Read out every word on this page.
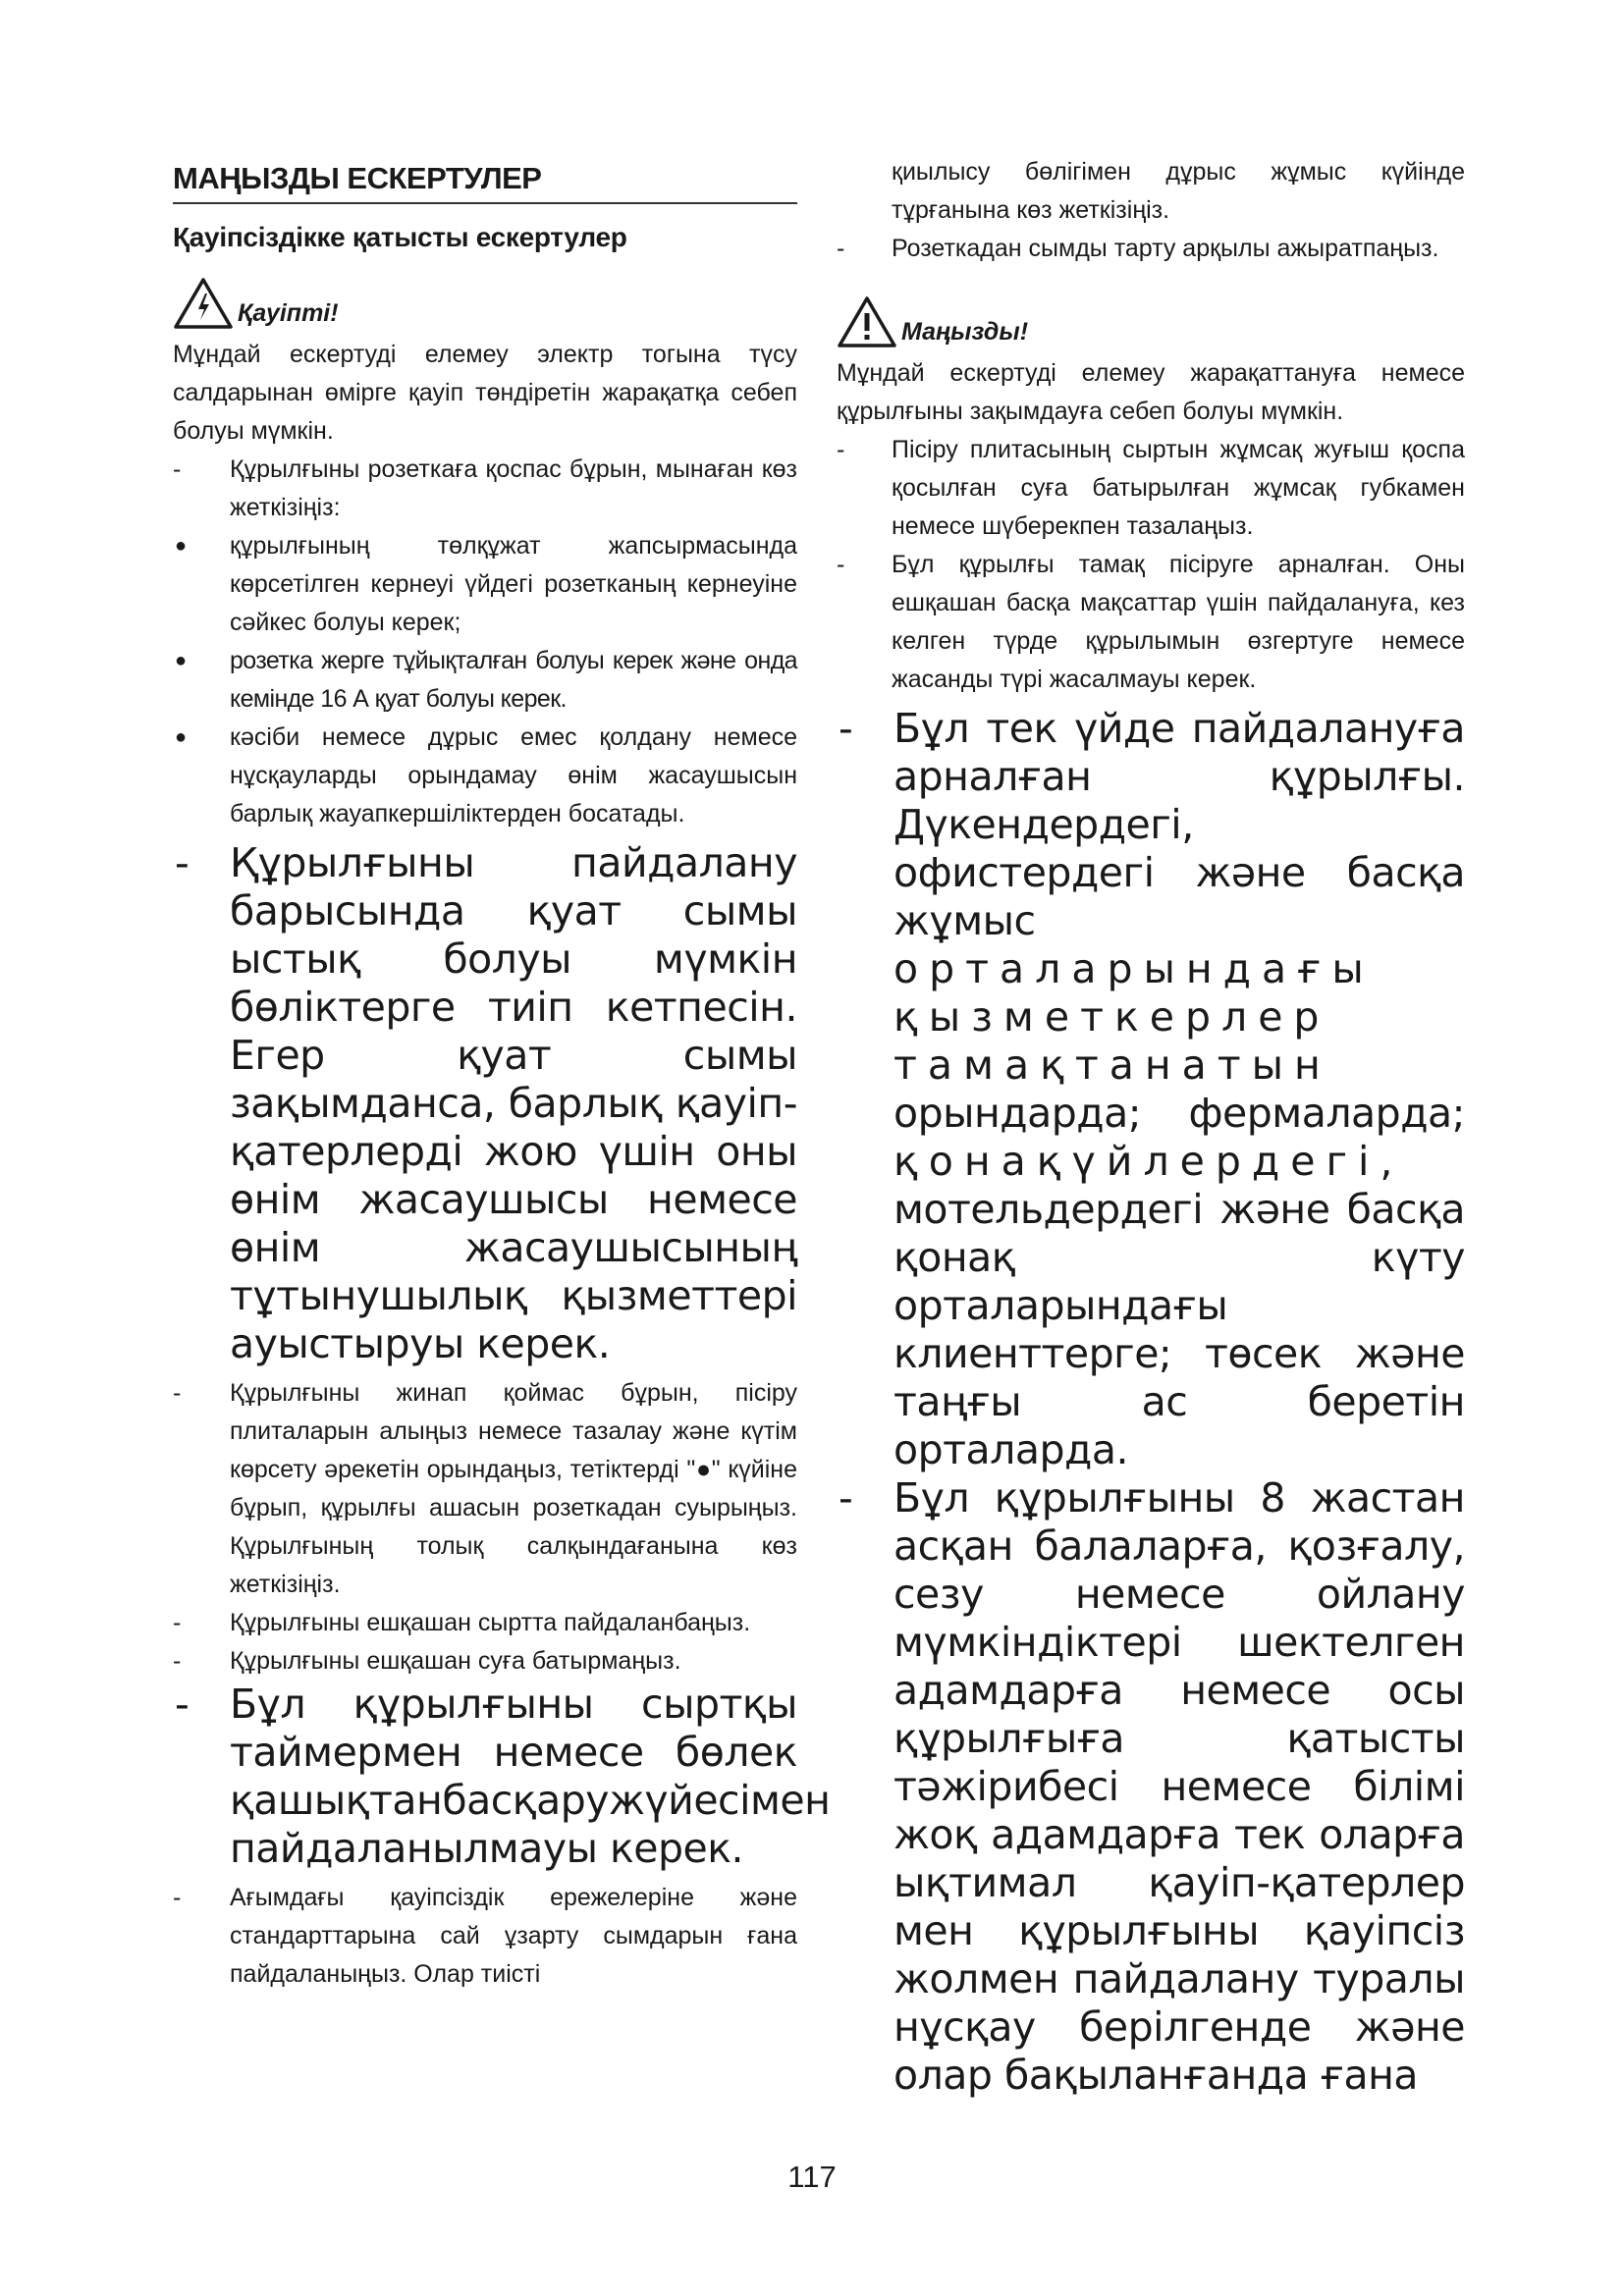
МАҢЫЗДЫ ЕСКЕРТУЛЕР
Қауіпсіздікке қатысты ескертулер
Қауіпті!

Мұндай ескертуді елемеу электр тогына түсу салдарынан өмірге қауіп төндіретін жарақатқа себеп болуы мүмкін.

- Құрылғыны розеткаға қоспас бұрын, мынаған көз жеткізіңіз:
● құрылғының төлқұжат жапсырмасында көрсетілген кернеуі үйдегі розетканың кернеуіне сәйкес болуы керек;
● розетка жерге тұйықталған болуы керек және онда кемінде 16 А қуат болуы керек.
● кәсіби немесе дұрыс емес қолдану немесе нұсқауларды орындамау өнім жасаушысын барлық жауапкершіліктерден босатады.
- Құрылғыны пайдалану барысында қуат сымы ыстық болуы мүмкін бөліктерге тиіп кетпесін. Егер қуат сымы зақымданса, барлық қауіп-қатерлерді жою үшін оны өнім жасаушысы немесе өнім жасаушысының тұтынушылық қызметтері ауыстыруы керек.
- Құрылғыны жинап қоймас бұрын, пісіру плиталарын алыңыз немесе тазалау және күтім көрсету әрекетін орындаңыз, тетіктерді "●" күйіне бұрып, құрылғы ашасын розеткадан суырыңыз. Құрылғының толық салқындағанына көз жеткізіңіз.
- Құрылғыны ешқашан сыртта пайдаланбаңыз.
- Құрылғыны ешқашан суға батырмаңыз.
- Бұл құрылғыны сыртқы таймермен немесе бөлек қашықтанбасқаружүйесімен пайдаланылмауы керек.
- Ағымдағы қауіпсіздік ережелеріне және стандарттарына сай ұзарту сымдарын ғана пайдаланыңыз. Олар тиісті
қиылысу бөлігімен дұрыс жұмыс күйінде тұрғанына көз жеткізіңіз.
- Розеткадан сымды тарту арқылы ажыратпаңыз.
Маңызды!

Мұндай ескертуді елемеу жарақаттануға немесе құрылғыны зақымдауға себеп болуы мүмкін.

- Пісіру плитасының сыртын жұмсақ жуғыш қоспа қосылған суға батырылған жұмсақ губкамен немесе шүберекпен тазалаңыз.
- Бұл құрылғы тамақ пісіруге арналған. Оны ешқашан басқа мақсаттар үшін пайдалануға, кез келген түрде құрылымын өзгертуге немесе жасанды түрі жасалмауы керек.
- Бұл тек үйде пайдалануға арналған құрылғы. Дүкендердегі, офистердегі және басқа жұмыс орталарындағы қызметкерлер тамақтанатын орындарда; фермаларда; қонақүйлердегі, мотельдердегі және басқа қонақ күту орталарындағы клиенттерге; төсек және таңғы ас беретін орталарда.
- Бұл құрылғыны 8 жастан асқан балаларға, қозғалу, сезу немесе ойлану мүмкіндіктері шектелген адамдарға немесе осы құрылғыға қатысты тәжірибесі немесе білімі жоқ адамдарға тек оларға ықтимал қауіп-қатерлер мен құрылғыны қауіпсіз жолмен пайдалану туралы нұсқау берілгенде және олар бақыланғанда ғана
117
